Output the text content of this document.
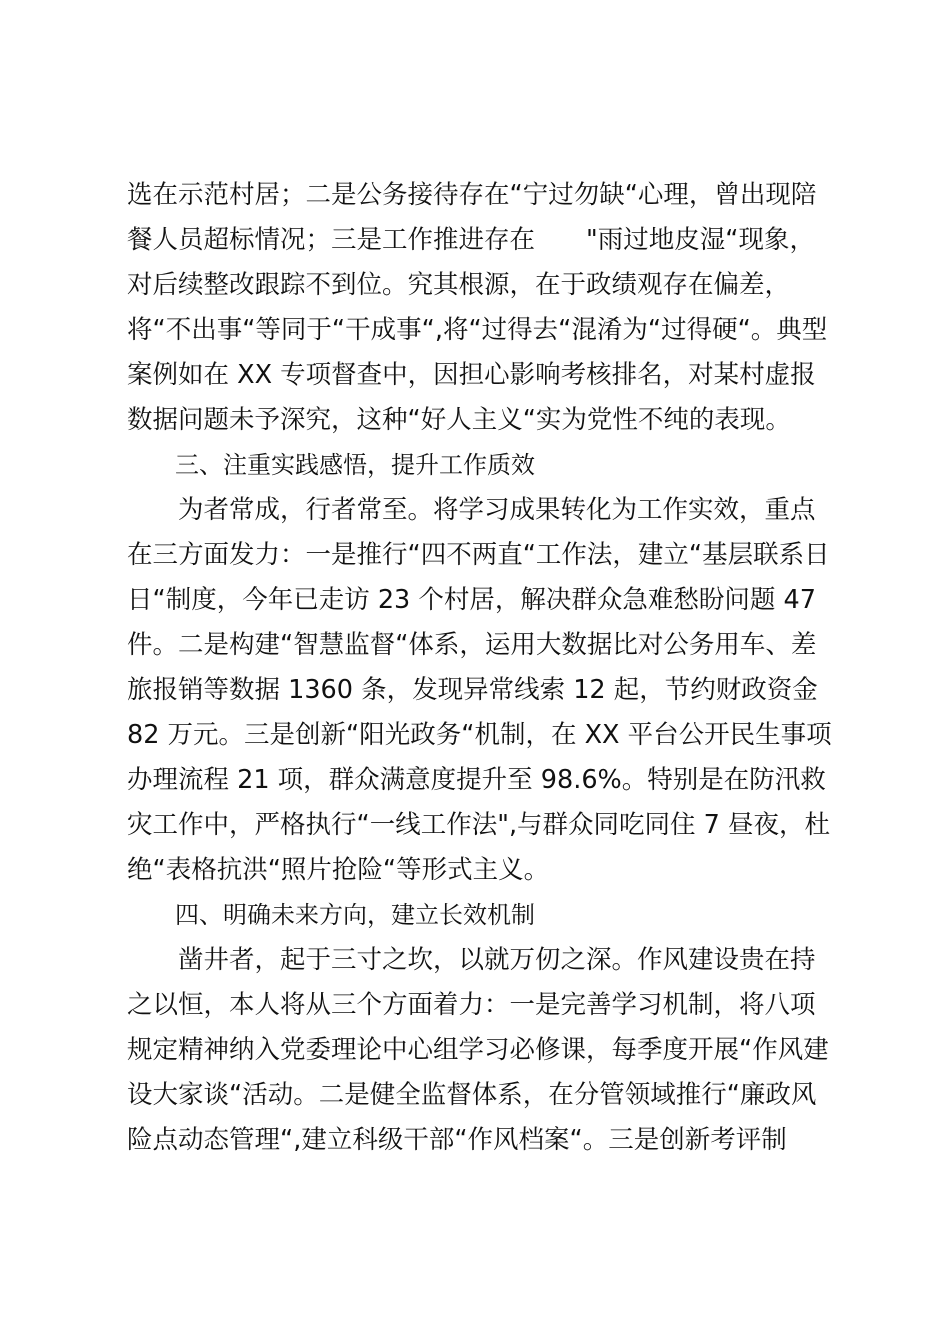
选在示范村居；二是公务接待存在“宁过勿缺“心理，曾出现陪
餐人员超标情况；三是工作推进存在　　"雨过地皮湿“现象，
对后续整改跟踪不到位。究其根源，在于政绩观存在偏差，
将“不出事“等同于“干成事“,将“过得去“混淆为“过得硬“。典型
案例如在 XX 专项督查中，因担心影响考核排名，对某村虚报
数据问题未予深究，这种“好人主义“实为党性不纯的表现。
　　三、注重实践感悟，提升工作质效
　　为者常成，行者常至。将学习成果转化为工作实效，重点
在三方面发力：一是推行“四不两直“工作法，建立“基层联系日
日“制度，今年已走访 23 个村居，解决群众急难愁盼问题 47
件。二是构建“智慧监督“体系，运用大数据比对公务用车、差
旅报销等数据 1360 条，发现异常线索 12 起，节约财政资金
82 万元。三是创新“阳光政务“机制，在 XX 平台公开民生事项
办理流程 21 项，群众满意度提升至 98.6%。特别是在防汛救
灾工作中，严格执行“一线工作法",与群众同吃同住 7 昼夜，杜
绝“表格抗洪“照片抢险“等形式主义。
　　四、明确未来方向，建立长效机制
　　凿井者，起于三寸之坎，以就万仞之深。作风建设贵在持
之以恒，本人将从三个方面着力：一是完善学习机制，将八项
规定精神纳入党委理论中心组学习必修课，每季度开展“作风建
设大家谈“活动。二是健全监督体系，在分管领域推行“廉政风
险点动态管理“,建立科级干部“作风档案“。三是创新考评制
